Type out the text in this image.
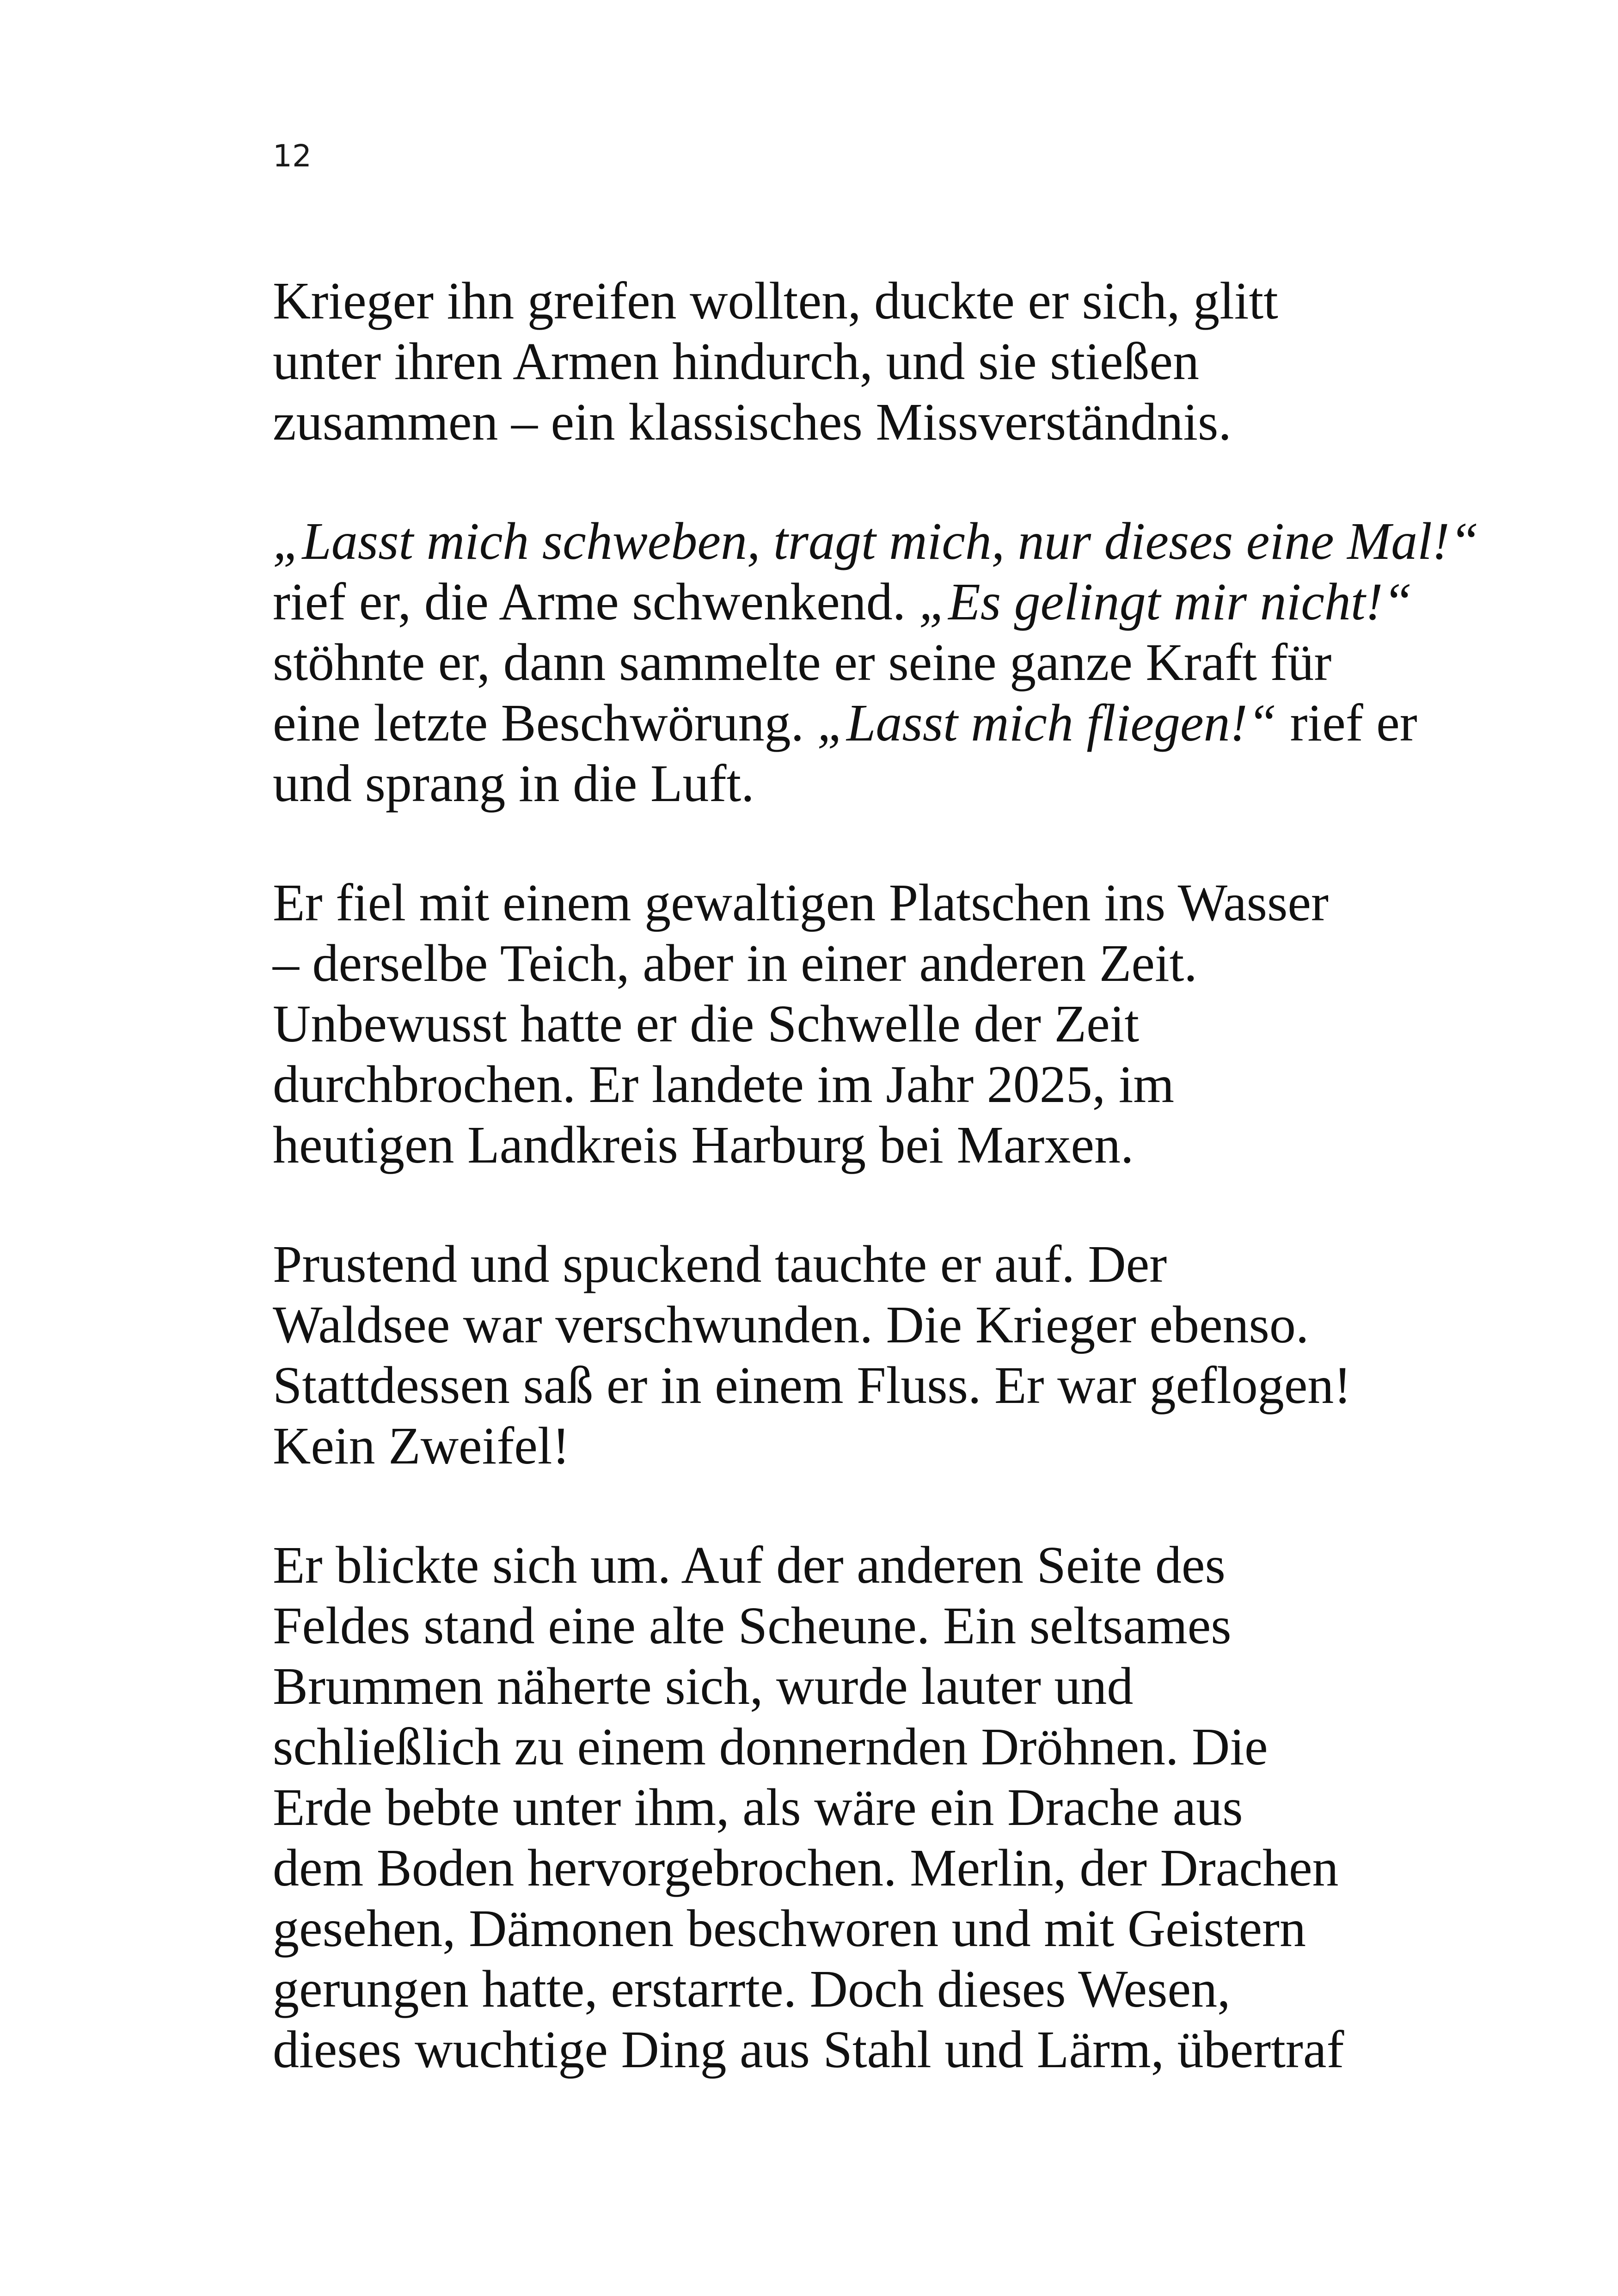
12

Krieger ihn greifen wollten, duckte er sich, glitt
unter ihren Armen hindurch, und sie stießen
zusammen – ein klassisches Missverständnis.

„Lasst mich schweben, tragt mich, nur dieses eine Mal!“
rief er, die Arme schwenkend. „Es gelingt mir nicht!“
stöhnte er, dann sammelte er seine ganze Kraft für
eine letzte Beschwörung. „Lasst mich fliegen!“ rief er
und sprang in die Luft.

Er fiel mit einem gewaltigen Platschen ins Wasser
– derselbe Teich, aber in einer anderen Zeit.
Unbewusst hatte er die Schwelle der Zeit
durchbrochen. Er landete im Jahr 2025, im
heutigen Landkreis Harburg bei Marxen.

Prustend und spuckend tauchte er auf. Der
Waldsee war verschwunden. Die Krieger ebenso.
Stattdessen saß er in einem Fluss. Er war geflogen!
Kein Zweifel!

Er blickte sich um. Auf der anderen Seite des
Feldes stand eine alte Scheune. Ein seltsames
Brummen näherte sich, wurde lauter und
schließlich zu einem donnernden Dröhnen. Die
Erde bebte unter ihm, als wäre ein Drache aus
dem Boden hervorgebrochen. Merlin, der Drachen
gesehen, Dämonen beschworen und mit Geistern
gerungen hatte, erstarrte. Doch dieses Wesen,
dieses wuchtige Ding aus Stahl und Lärm, übertraf
